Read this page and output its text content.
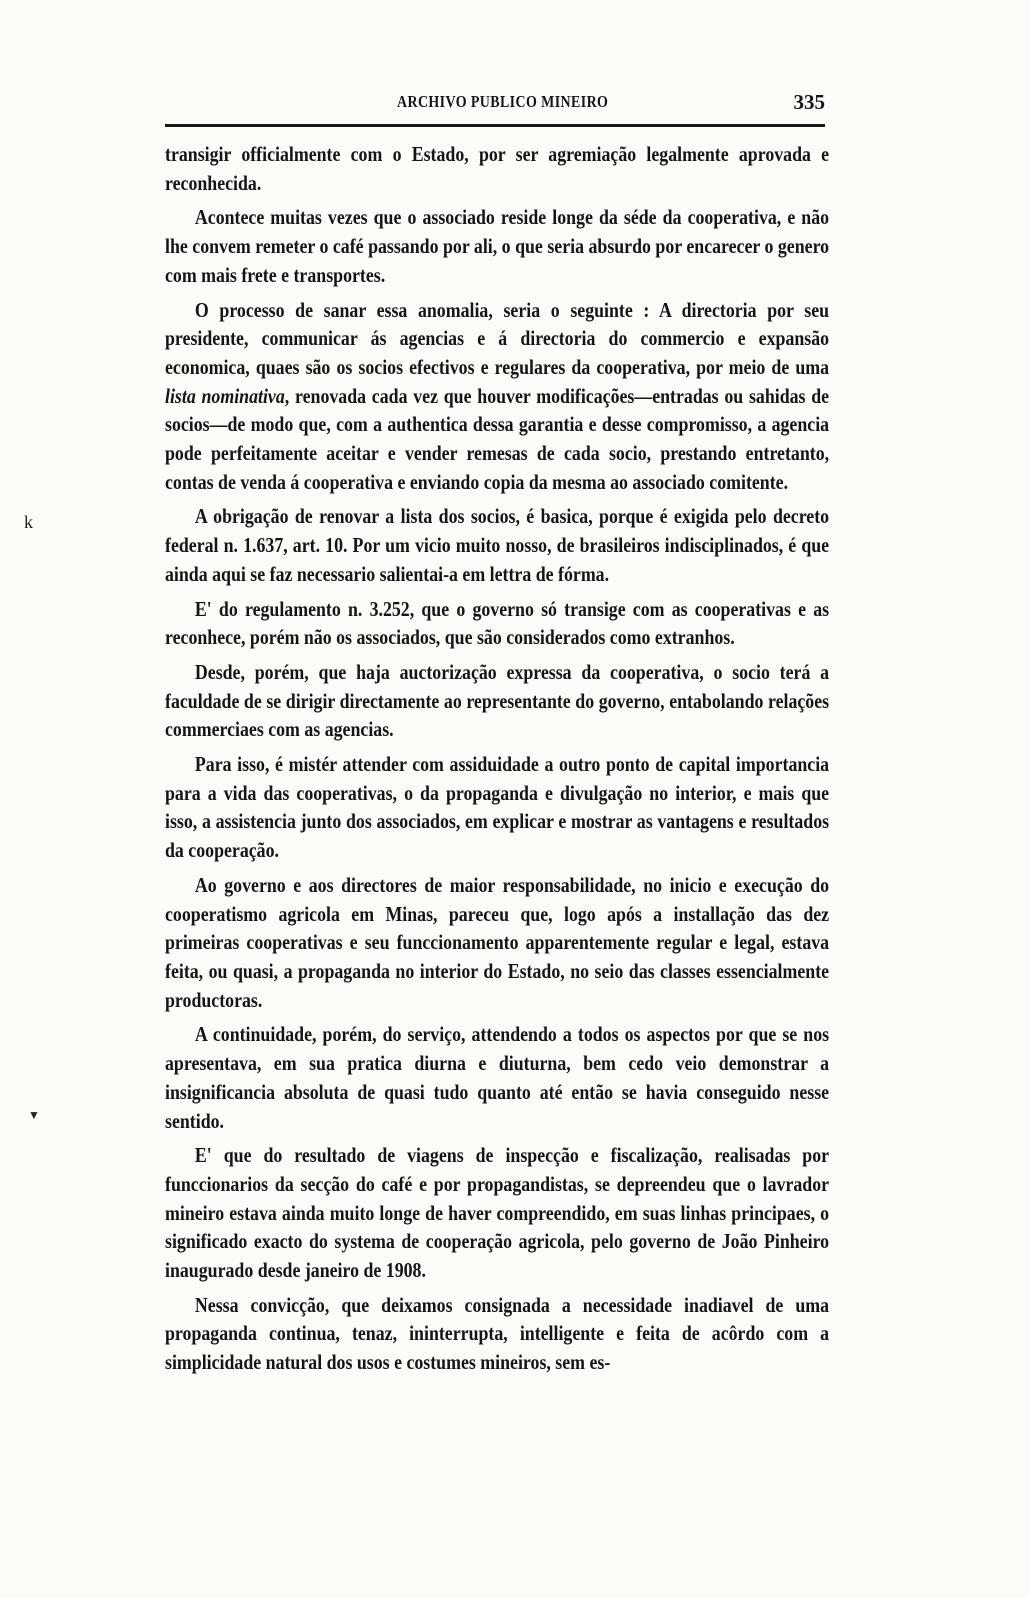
ARCHIVO PUBLICO MINEIRO	335
k
▼

transigir officialmente com o Estado, por ser agremiação legalmente aprovada e reconhecida.

Acontece muitas vezes que o associado reside longe da séde da cooperativa, e não lhe convem remeter o café passando por ali, o que seria absurdo por encarecer o genero com mais frete e transportes.

O processo de sanar essa anomalia, seria o seguinte : A directoria por seu presidente, communicar ás agencias e á directoria do commercio e expansão economica, quaes são os socios efectivos e regulares da cooperativa, por meio de uma lista nominativa, renovada cada vez que houver modificações—entradas ou sahidas de socios—de modo que, com a authentica dessa garantia e desse compromisso, a agencia pode perfeitamente aceitar e vender remesas de cada socio, prestando entretanto, contas de venda á cooperativa e enviando copia da mesma ao associado comitente.

A obrigação de renovar a lista dos socios, é basica, porque é exigida pelo decreto federal n. 1.637, art. 10. Por um vicio muito nosso, de brasileiros indisciplinados, é que ainda aqui se faz necessario salientai-a em lettra de fórma.

E' do regulamento n. 3.252, que o governo só transige com as cooperativas e as reconhece, porém não os associados, que são considerados como extranhos.

Desde, porém, que haja auctorização expressa da cooperativa, o socio terá a faculdade de se dirigir directamente ao representante do governo, entabolando relações commerciaes com as agencias.

Para isso, é mistér attender com assiduidade a outro ponto de capital importancia para a vida das cooperativas, o da propaganda e divulgação no interior, e mais que isso, a assistencia junto dos associados, em explicar e mostrar as vantagens e resultados da cooperação.

Ao governo e aos directores de maior responsabilidade, no inicio e execução do cooperatismo agricola em Minas, pareceu que, logo após a installação das dez primeiras cooperativas e seu funccionamento apparentemente regular e legal, estava feita, ou quasi, a propaganda no interior do Estado, no seio das classes essencialmente productoras.

A continuidade, porém, do serviço, attendendo a todos os aspectos por que se nos apresentava, em sua pratica diurna e diuturna, bem cedo veio demonstrar a insignificancia absoluta de quasi tudo quanto até então se havia conseguido nesse sentido.

E' que do resultado de viagens de inspecção e fiscalização, realisadas por funccionarios da secção do café e por propagandistas, se depreendeu que o lavrador mineiro estava ainda muito longe de haver compreendido, em suas linhas principaes, o significado exacto do systema de cooperação agricola, pelo governo de João Pinheiro inaugurado desde janeiro de 1908.

Nessa convicção, que deixamos consignada a necessidade inadiavel de uma propaganda continua, tenaz, ininterrupta, intelligente e feita de acôrdo com a simplicidade natural dos usos e costumes mineiros, sem es-
